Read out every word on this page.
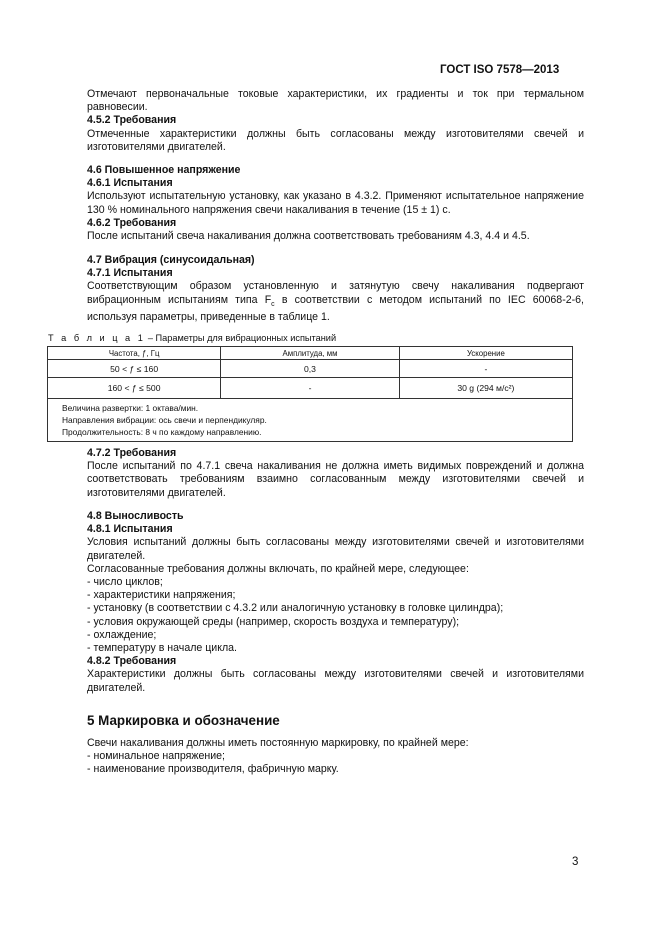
ГОСТ ISO 7578—2013

Отмечают первоначальные токовые характеристики, их градиенты и ток при термальном равновесии.

4.5.2 Требования

Отмеченные характеристики должны быть согласованы между изготовителями свечей и изготовителями двигателей.

4.6 Повышенное напряжение

4.6.1 Испытания

Используют испытательную установку, как указано в 4.3.2. Применяют испытательное напряжение 130 % номинального напряжения свечи накаливания в течение (15 ± 1) с.

4.6.2 Требования

После испытаний свеча накаливания должна соответствовать требованиям 4.3, 4.4 и 4.5.

4.7 Вибрация (синусоидальная)

4.7.1 Испытания

Соответствующим образом установленную и затянутую свечу накаливания подвергают вибрационным испытаниям типа $F_c$ в соответствии с методом испытаний по IEC 60068-2-6, используя параметры, приведенные в таблице 1.

Т а б л и ц а 1 – Параметры для вибрационных испытаний
Частота, ƒ, Гц	Амплитуда, мм	Ускорение
50 < ƒ ≤ 160	0,3	-
160 < ƒ ≤ 500	-	30 g (294 м/с²)

Величина развертки: 1 октава/мин.
Направления вибрации: ось свечи и перпендикуляр.
Продолжительность: 8 ч по каждому направлению.		

4.7.2 Требования

После испытаний по 4.7.1 свеча накаливания не должна иметь видимых повреждений и должна соответствовать требованиям взаимно согласованным между изготовителями свечей и изготовителями двигателей.

4.8 Выносливость

4.8.1 Испытания

Условия испытаний должны быть согласованы между изготовителями свечей и изготовителями двигателей.

Согласованные требования должны включать, по крайней мере, следующее:

- число циклов;

- характеристики напряжения;

- установку (в соответствии с 4.3.2 или аналогичную установку в головке цилиндра);

- условия окружающей среды (например, скорость воздуха и температуру);

- охлаждение;

- температуру в начале цикла.

4.8.2 Требования

Характеристики должны быть согласованы между изготовителями свечей и изготовителями двигателей.

5 Маркировка и обозначение

Свечи накаливания должны иметь постоянную маркировку, по крайней мере:

- номинальное напряжение;

- наименование производителя, фабричную марку.

3
